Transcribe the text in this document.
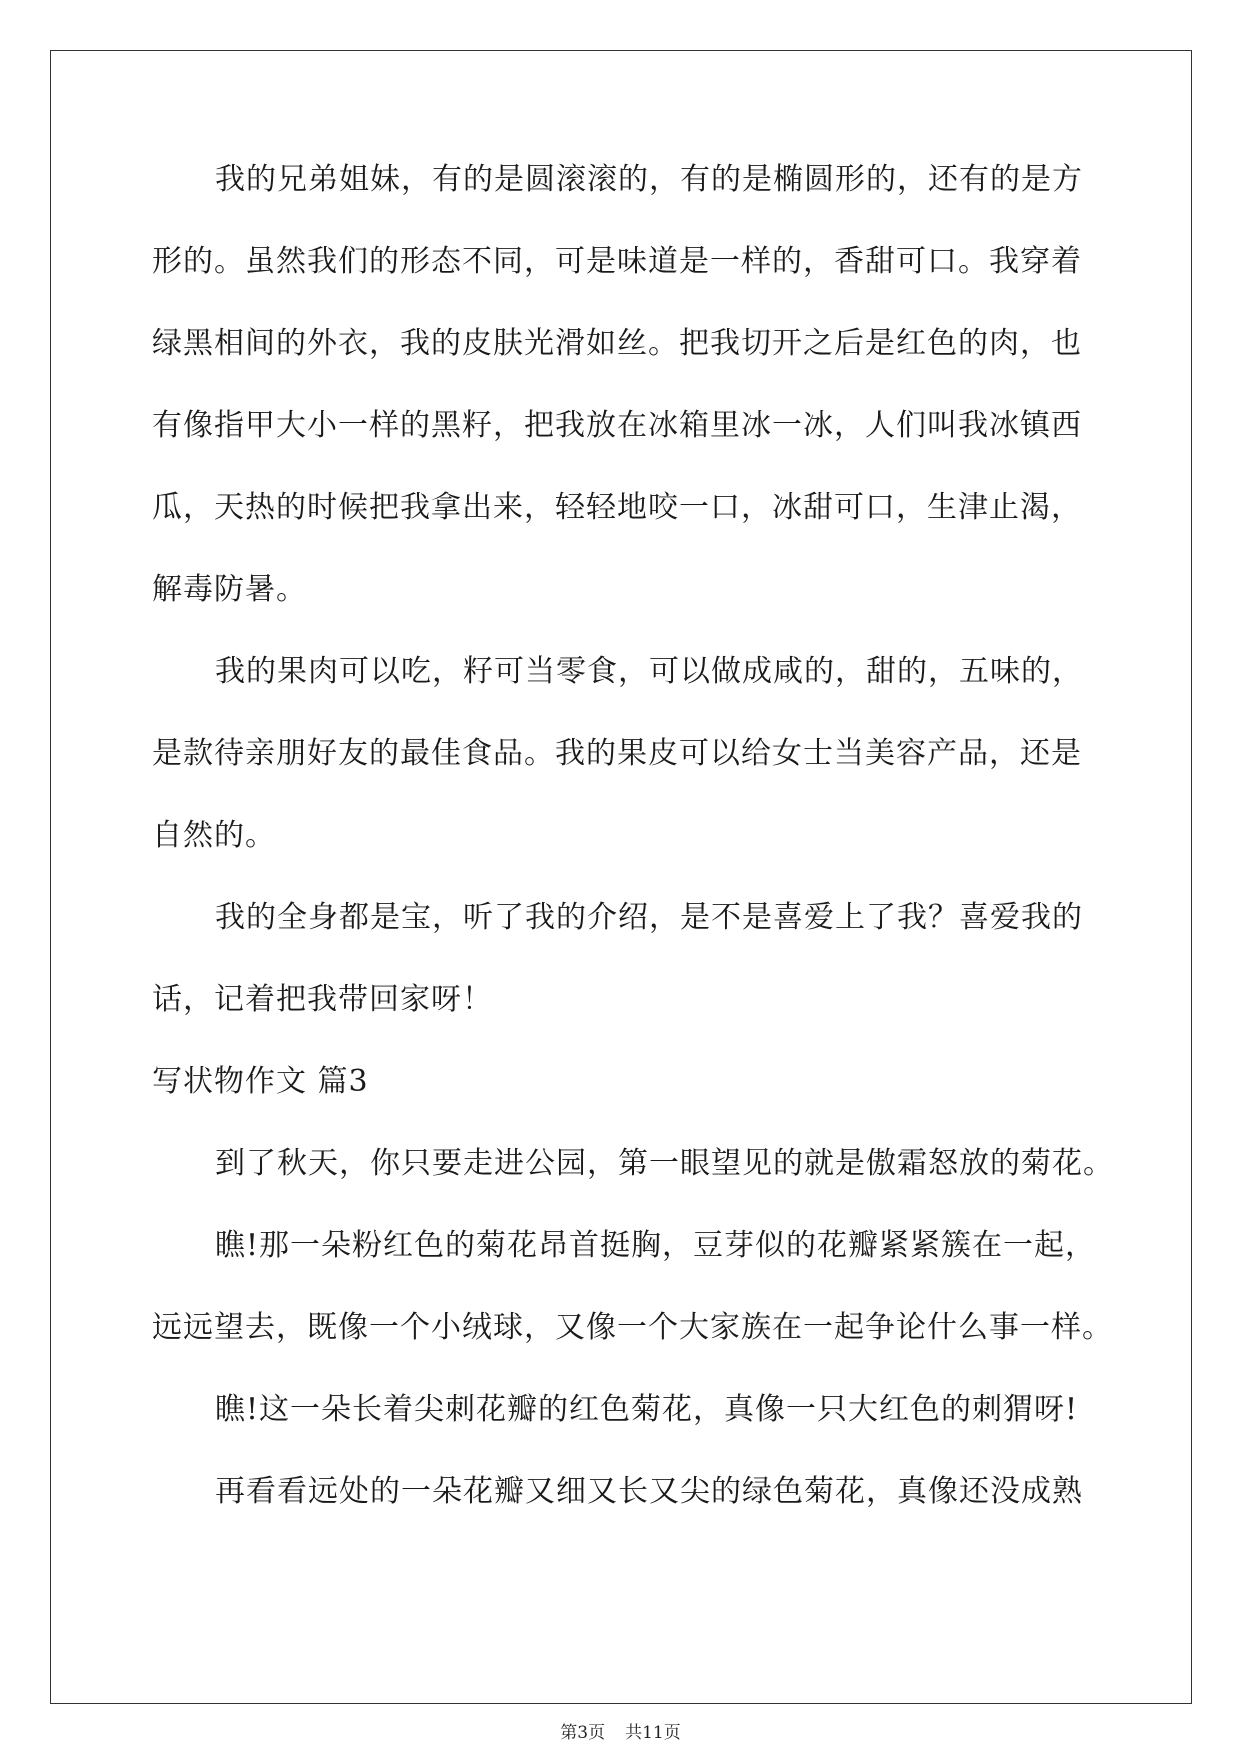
我的兄弟姐妹，有的是圆滚滚的，有的是椭圆形的，还有的是方
形的。虽然我们的形态不同，可是味道是一样的，香甜可口。我穿着
绿黑相间的外衣，我的皮肤光滑如丝。把我切开之后是红色的肉，也
有像指甲大小一样的黑籽，把我放在冰箱里冰一冰，人们叫我冰镇西
瓜，天热的时候把我拿出来，轻轻地咬一口，冰甜可口，生津止渴，
解毒防暑。
我的果肉可以吃，籽可当零食，可以做成咸的，甜的，五味的，
是款待亲朋好友的最佳食品。我的果皮可以给女士当美容产品，还是
自然的。
我的全身都是宝，听了我的介绍，是不是喜爱上了我？喜爱我的
话，记着把我带回家呀！
写状物作文 篇3
到了秋天，你只要走进公园，第一眼望见的就是傲霜怒放的菊花。
瞧!那一朵粉红色的菊花昂首挺胸，豆芽似的花瓣紧紧簇在一起，
远远望去，既像一个小绒球，又像一个大家族在一起争论什么事一样。
瞧!这一朵长着尖刺花瓣的红色菊花，真像一只大红色的刺猬呀!
再看看远处的一朵花瓣又细又长又尖的绿色菊花，真像还没成熟
第3页 共11页
